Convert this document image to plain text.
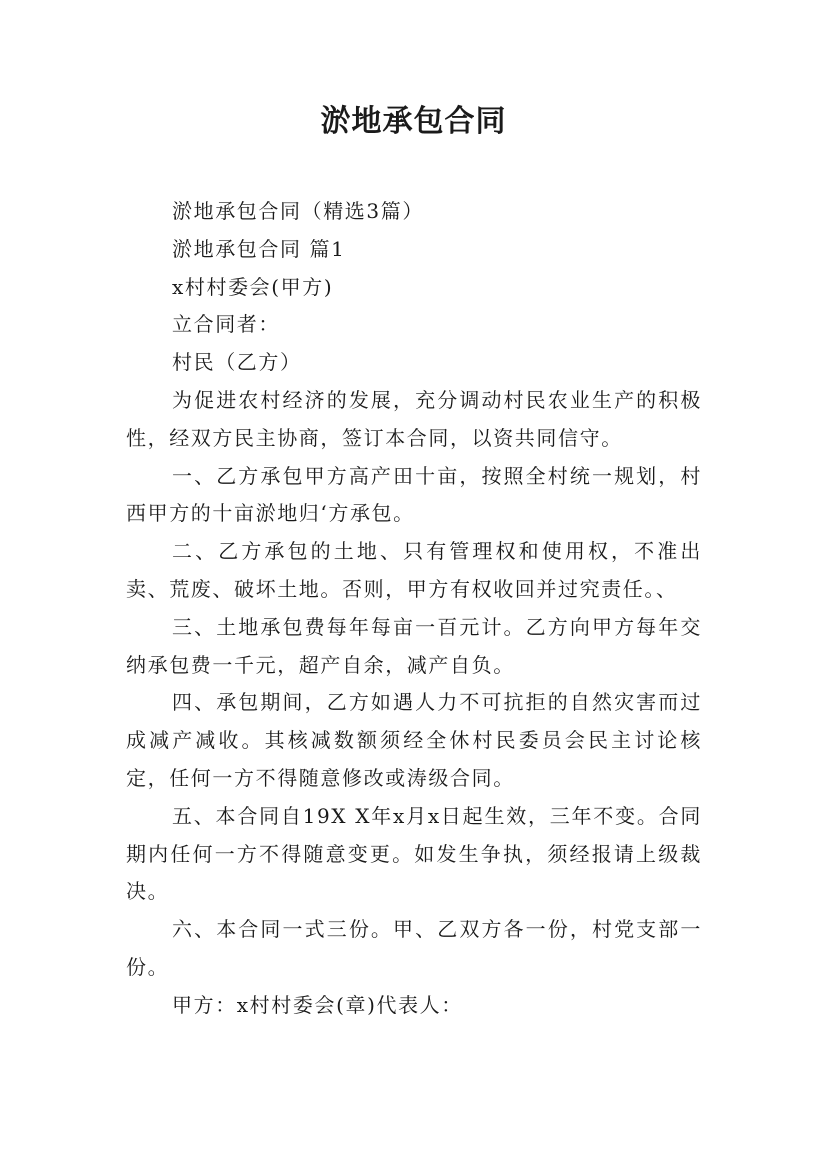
淤地承包合同

淤地承包合同（精选3篇）

淤地承包合同 篇1

x村村委会(甲方)

立合同者：

村民（乙方）

为促进农村经济的发展，充分调动村民农业生产的积极性，经双方民主协商，签订本合同，以资共同信守。

一、乙方承包甲方高产田十亩，按照全村统一规划，村西甲方的十亩淤地归‘方承包。

二、乙方承包的土地、只有管理权和使用权，不准出卖、荒废、破坏土地。否则，甲方有权收回并过究责任。、

三、土地承包费每年每亩一百元计。乙方向甲方每年交纳承包费一千元，超产自余，减产自负。

四、承包期间，乙方如遇人力不可抗拒的自然灾害而过成减产减收。其核减数额须经全休村民委员会民主讨论核定，任何一方不得随意修改或涛级合同。

五、本合同自19X X年x月x日起生效，三年不变。合同期内任何一方不得随意变更。如发生争执，须经报请上级裁决。

六、本合同一式三份。甲、乙双方各一份，村党支部一份。

甲方：x村村委会(章)代表人：
